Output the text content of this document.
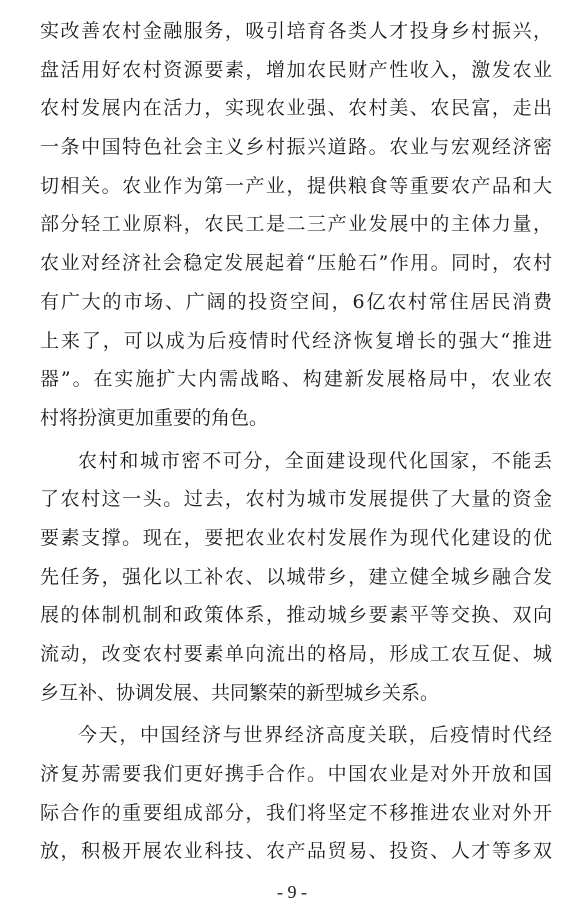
实改善农村金融服务，吸引培育各类人才投身乡村振兴，
盘活用好农村资源要素，增加农民财产性收入，激发农业
农村发展内在活力，实现农业强、农村美、农民富，走出
一条中国特色社会主义乡村振兴道路。农业与宏观经济密
切相关。农业作为第一产业，提供粮食等重要农产品和大
部分轻工业原料，农民工是二三产业发展中的主体力量，
农业对经济社会稳定发展起着“压舱石”作用。同时，农村
有广大的市场、广阔的投资空间，6亿农村常住居民消费
上来了，可以成为后疫情时代经济恢复增长的强大“推进
器”。在实施扩大内需战略、构建新发展格局中，农业农
村将扮演更加重要的角色。
农村和城市密不可分，全面建设现代化国家，不能丢
了农村这一头。过去，农村为城市发展提供了大量的资金
要素支撑。现在，要把农业农村发展作为现代化建设的优
先任务，强化以工补农、以城带乡，建立健全城乡融合发
展的体制机制和政策体系，推动城乡要素平等交换、双向
流动，改变农村要素单向流出的格局，形成工农互促、城
乡互补、协调发展、共同繁荣的新型城乡关系。
今天，中国经济与世界经济高度关联，后疫情时代经
济复苏需要我们更好携手合作。中国农业是对外开放和国
际合作的重要组成部分，我们将坚定不移推进农业对外开
放，积极开展农业科技、农产品贸易、投资、人才等多双
- 9 -
